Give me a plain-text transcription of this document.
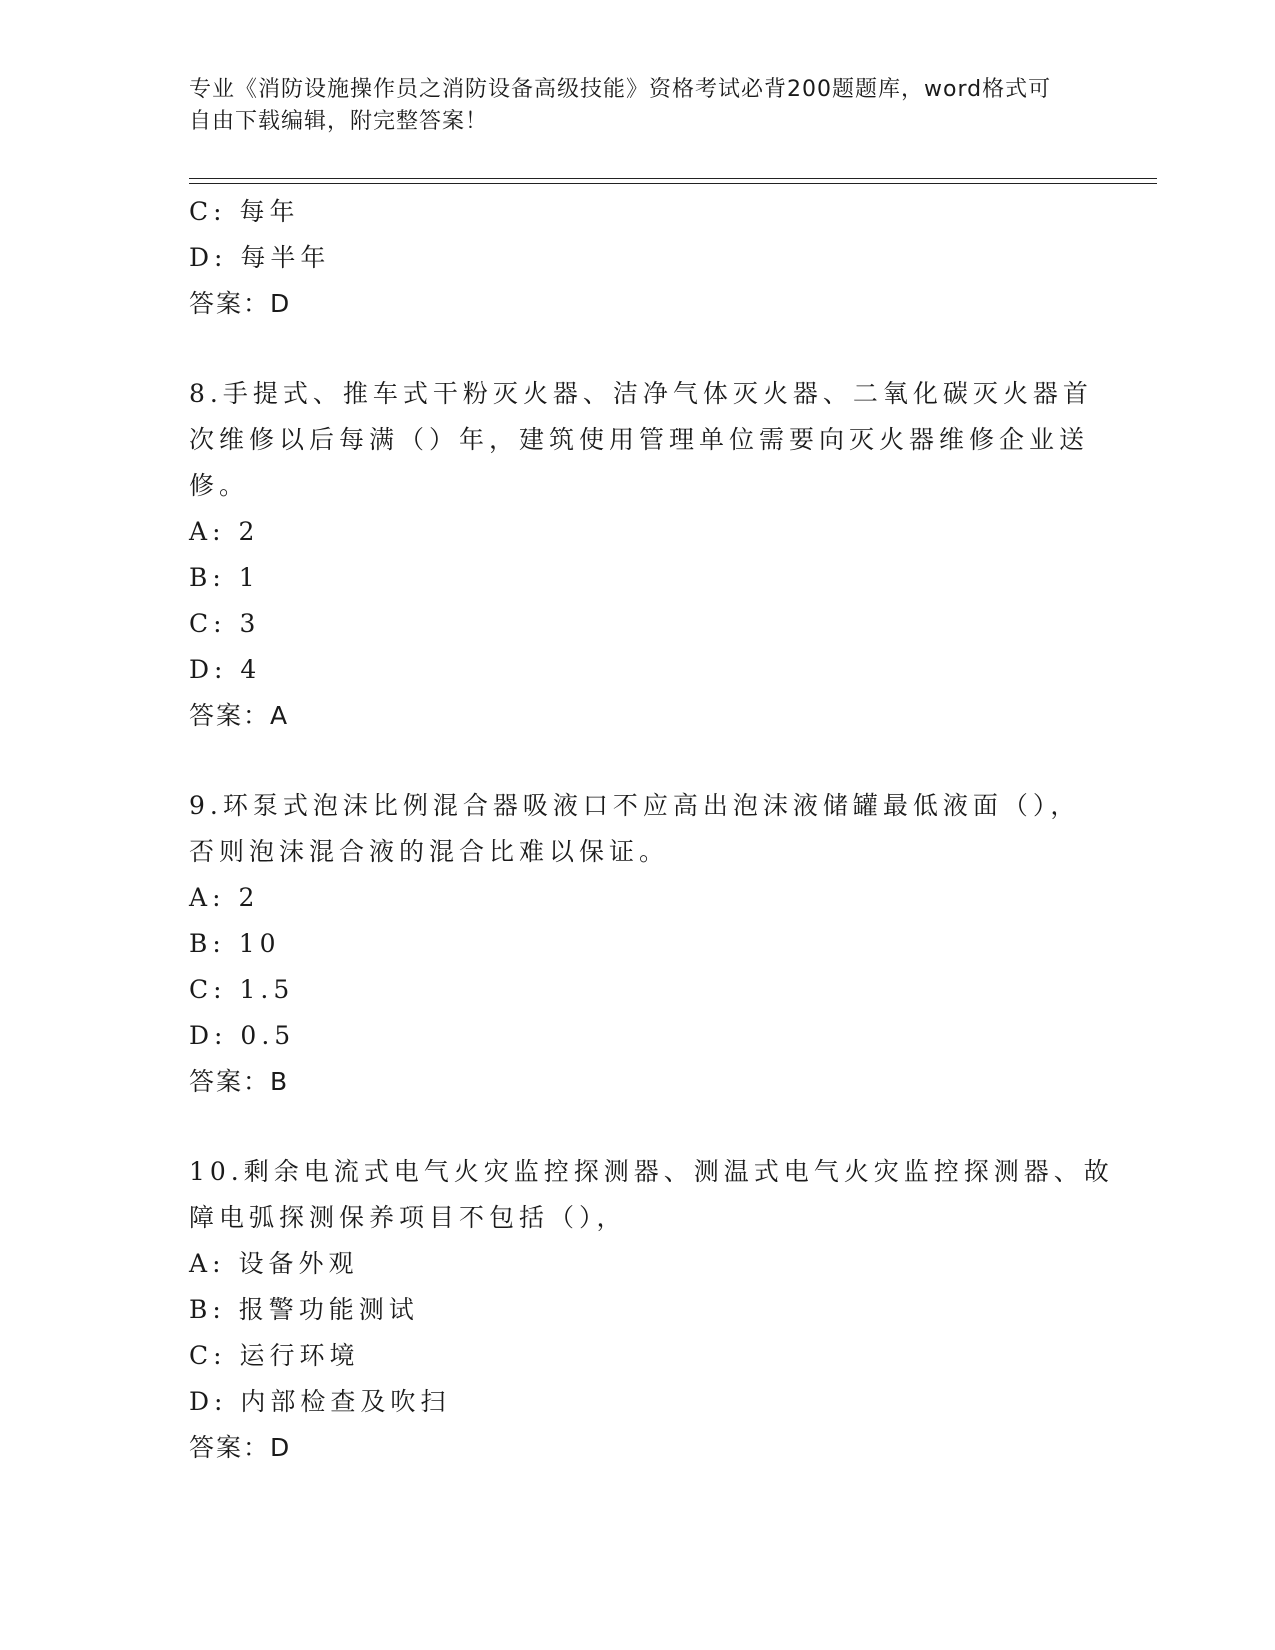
专业《消防设施操作员之消防设备高级技能》资格考试必背200题题库，word格式可自由下载编辑，附完整答案！
C: 每年
D: 每半年
答案：D
8.手提式、推车式干粉灭火器、洁净气体灭火器、二氧化碳灭火器首
次维修以后每满（）年，建筑使用管理单位需要向灭火器维修企业送
修。
A: 2
B: 1
C: 3
D: 4
答案：A
9.环泵式泡沫比例混合器吸液口不应高出泡沫液储罐最低液面（），
否则泡沫混合液的混合比难以保证。
A: 2
B: 10
C: 1.5
D: 0.5
答案：B
10.剩余电流式电气火灾监控探测器、测温式电气火灾监控探测器、故
障电弧探测保养项目不包括（），
A: 设备外观
B: 报警功能测试
C: 运行环境
D: 内部检查及吹扫
答案：D
